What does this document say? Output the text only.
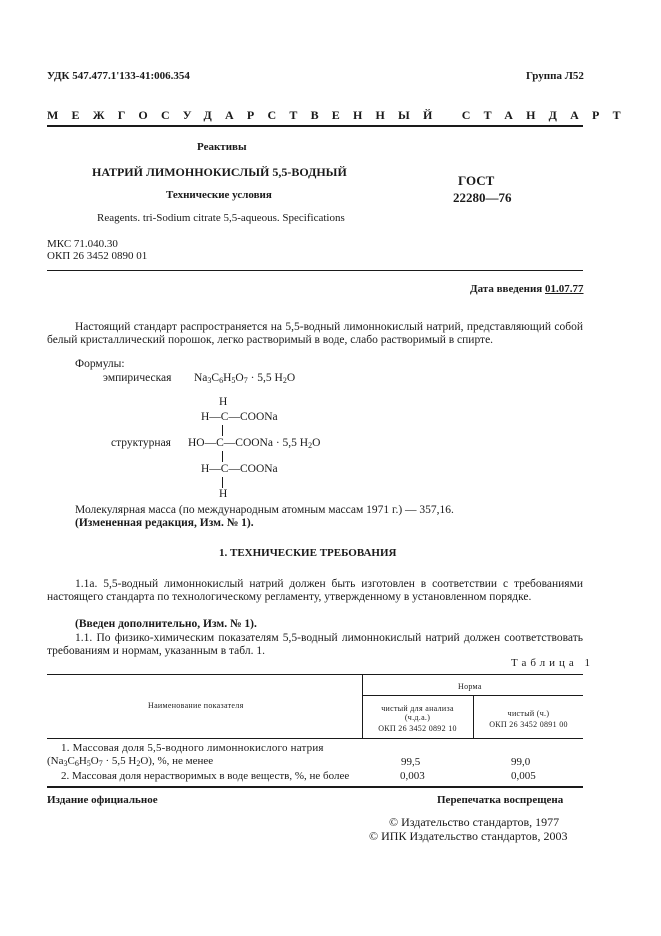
УДК 547.477.1'133-41:006.354	Группа Л52
МЕЖГОСУДАРСТВЕННЫЙ СТАНДАРТ
Реактивы
НАТРИЙ ЛИМОННОКИСЛЫЙ 5,5-ВОДНЫЙ
Технические условия
Reagents. tri-Sodium citrate 5,5-aqueous. Specifications
ГОСТ
22280—76
МКС 71.040.30
ОКП 26 3452 0890 01
Дата введения 01.07.77
Настоящий стандарт распространяется на 5,5-водный лимоннокислый натрий, представляющий собой белый кристаллический порошок, легко растворимый в воде, слабо растворимый в спирте.
Формулы:
эмпирическая $Na_3C_6H_5O_7 \cdot 5,5$ $H_2O$
H
H—C—COONa
структурная HO—C—COONa · 5,5 $H_2O$
H—C—COONa
H
Молекулярная масса (по международным атомным массам 1971 г.) — 357,16.
(Измененная редакция, Изм. № 1).
1. ТЕХНИЧЕСКИЕ ТРЕБОВАНИЯ
1.1а. 5,5-водный лимоннокислый натрий должен быть изготовлен в соответствии с требованиями настоящего стандарта по технологическому регламенту, утвержденному в установленном порядке.
(Введен дополнительно, Изм. № 1).
1.1. По физико-химическим показателям 5,5-водный лимоннокислый натрий должен соответствовать требованиям и нормам, указанным в табл. 1.
Таблица 1
Наименование показателя
Норма
чистый для анализа
(ч.д.а.)
ОКП 26 3452 0892 10
чистый (ч.)
ОКП 26 3452 0891 00
1. Массовая доля 5,5-водного лимоннокислого натрия
($Na_3C_6H_5O_7 \cdot 5,5$ $H_2O$), %, не менее	99,5	99,0
2. Массовая доля нерастворимых в воде веществ, %, не более	0,003	0,005
Издание официальное	Перепечатка воспрещена
© Издательство стандартов, 1977
© ИПК Издательство стандартов, 2003
